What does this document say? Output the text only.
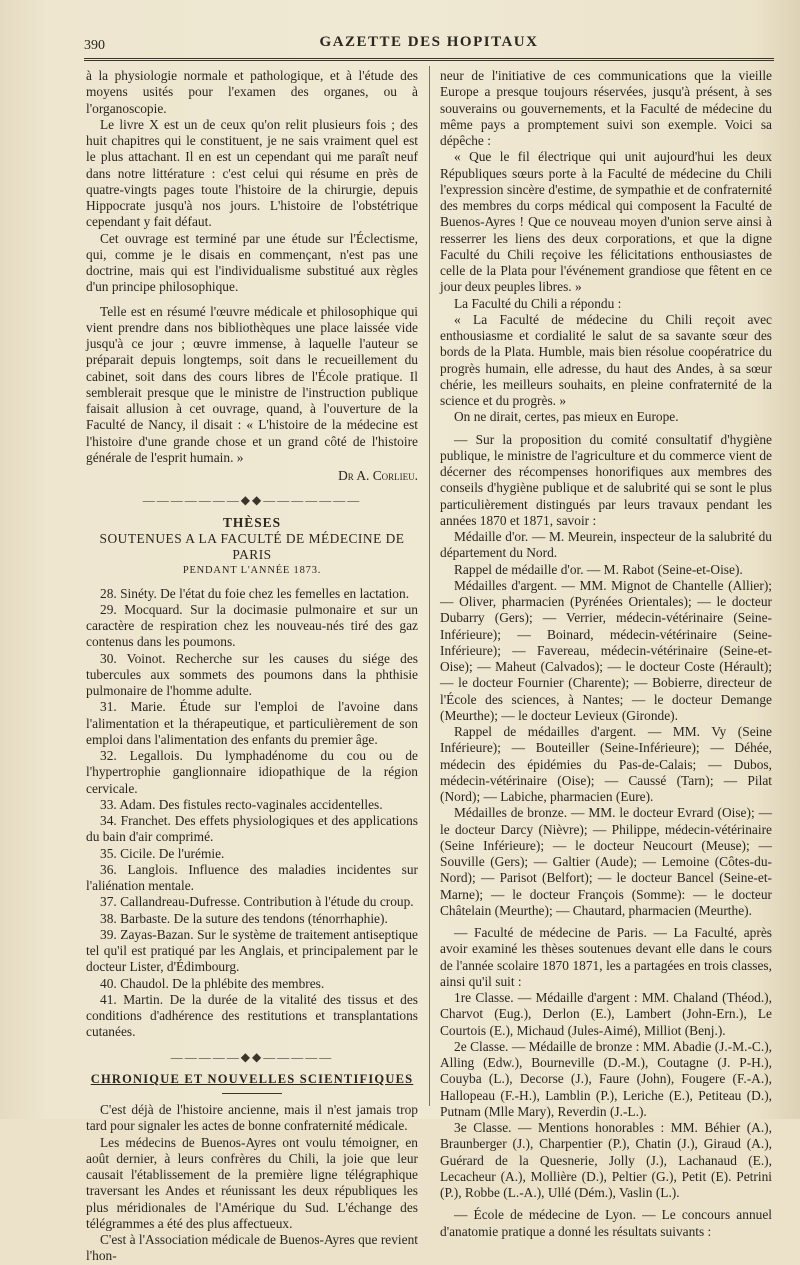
390	GAZETTE DES HOPITAUX

à la physiologie normale et pathologique, et à l'étude des moyens usités pour l'examen des organes, ou à l'organoscopie.

Le livre X est un de ceux qu'on relit plusieurs fois ; des huit chapitres qui le constituent, je ne sais vraiment quel est le plus attachant. Il en est un cependant qui me paraît neuf dans notre littérature : c'est celui qui résume en près de quatre-vingts pages toute l'histoire de la chirurgie, depuis Hippocrate jusqu'à nos jours. L'histoire de l'obstétrique cependant y fait défaut.

Cet ouvrage est terminé par une étude sur l'Éclectisme, qui, comme je le disais en commençant, n'est pas une doctrine, mais qui est l'individualisme substitué aux règles d'un principe philosophique.

Telle est en résumé l'œuvre médicale et philosophique qui vient prendre dans nos bibliothèques une place laissée vide jusqu'à ce jour ; œuvre immense, à laquelle l'auteur se préparait depuis longtemps, soit dans le recueillement du cabinet, soit dans des cours libres de l'École pratique. Il semblerait presque que le ministre de l'instruction publique faisait allusion à cet ouvrage, quand, à l'ouverture de la Faculté de Nancy, il disait : « L'histoire de la médecine est l'histoire d'une grande chose et un grand côté de l'histoire générale de l'esprit humain. »

Dr A. Corlieu.

―――――――◆◆―――――――
THÈSES
SOUTENUES A LA FACULTÉ DE MÉDECINE DE PARIS
PENDANT L'ANNÉE 1873.

28. Sinéty. De l'état du foie chez les femelles en lactation.

29. Mocquard. Sur la docimasie pulmonaire et sur un caractère de respiration chez les nouveau-nés tiré des gaz contenus dans les poumons.

30. Voinot. Recherche sur les causes du siége des tubercules aux sommets des poumons dans la phthisie pulmonaire de l'homme adulte.

31. Marie. Étude sur l'emploi de l'avoine dans l'alimentation et la thérapeutique, et particulièrement de son emploi dans l'alimentation des enfants du premier âge.

32. Legallois. Du lymphadénome du cou ou de l'hypertrophie ganglionnaire idiopathique de la région cervicale.

33. Adam. Des fistules recto-vaginales accidentelles.

34. Franchet. Des effets physiologiques et des applications du bain d'air comprimé.

35. Cicile. De l'urémie.

36. Langlois. Influence des maladies incidentes sur l'aliénation mentale.

37. Callandreau-Dufresse. Contribution à l'étude du croup.

38. Barbaste. De la suture des tendons (ténorrhaphie).

39. Zayas-Bazan. Sur le système de traitement antiseptique tel qu'il est pratiqué par les Anglais, et principalement par le docteur Lister, d'Édimbourg.

40. Chaudol. De la phlébite des membres.

41. Martin. De la durée de la vitalité des tissus et des conditions d'adhérence des restitutions et transplantations cutanées.

―――――◆◆―――――
CHRONIQUE ET NOUVELLES SCIENTIFIQUES

C'est déjà de l'histoire ancienne, mais il n'est jamais trop tard pour signaler les actes de bonne confraternité médicale.

Les médecins de Buenos-Ayres ont voulu témoigner, en août dernier, à leurs confrères du Chili, la joie que leur causait l'établissement de la première ligne télégraphique traversant les Andes et réunissant les deux républiques les plus méridionales de l'Amérique du Sud. L'échange des télégrammes a été des plus affectueux.

C'est à l'Association médicale de Buenos-Ayres que revient l'hon-

neur de l'initiative de ces communications que la vieille Europe a presque toujours réservées, jusqu'à présent, à ses souverains ou gouvernements, et la Faculté de médecine du même pays a promptement suivi son exemple. Voici sa dépêche :

« Que le fil électrique qui unit aujourd'hui les deux Républiques sœurs porte à la Faculté de médecine du Chili l'expression sincère d'estime, de sympathie et de confraternité des membres du corps médical qui composent la Faculté de Buenos-Ayres ! Que ce nouveau moyen d'union serve ainsi à resserrer les liens des deux corporations, et que la digne Faculté du Chili reçoive les félicitations enthousiastes de celle de la Plata pour l'événement grandiose que fêtent en ce jour deux peuples libres. »

La Faculté du Chili a répondu :

« La Faculté de médecine du Chili reçoit avec enthousiasme et cordialité le salut de sa savante sœur des bords de la Plata. Humble, mais bien résolue coopératrice du progrès humain, elle adresse, du haut des Andes, à sa sœur chérie, les meilleurs souhaits, en pleine confraternité de la science et du progrès. »

On ne dirait, certes, pas mieux en Europe.

— Sur la proposition du comité consultatif d'hygiène publique, le ministre de l'agriculture et du commerce vient de décerner des récompenses honorifiques aux membres des conseils d'hygiène publique et de salubrité qui se sont le plus particulièrement distingués par leurs travaux pendant les années 1870 et 1871, savoir :

Médaille d'or. — M. Meurein, inspecteur de la salubrité du département du Nord.

Rappel de médaille d'or. — M. Rabot (Seine-et-Oise).

Médailles d'argent. — MM. Mignot de Chantelle (Allier); — Oliver, pharmacien (Pyrénées Orientales); — le docteur Dubarry (Gers); — Verrier, médecin-vétérinaire (Seine-Inférieure); — Boinard, médecin-vétérinaire (Seine-Inférieure); — Favereau, médecin-vétérinaire (Seine-et-Oise); — Maheut (Calvados); — le docteur Coste (Hérault); — le docteur Fournier (Charente); — Bobierre, directeur de l'École des sciences, à Nantes; — le docteur Demange (Meurthe); — le docteur Levieux (Gironde).

Rappel de médailles d'argent. — MM. Vy (Seine Inférieure); — Bouteiller (Seine-Inférieure); — Déhée, médecin des épidémies du Pas-de-Calais; — Dubos, médecin-vétérinaire (Oise); — Caussé (Tarn); — Pilat (Nord); — Labiche, pharmacien (Eure).

Médailles de bronze. — MM. le docteur Evrard (Oise); — le docteur Darcy (Nièvre); — Philippe, médecin-vétérinaire (Seine Inférieure); — le docteur Neucourt (Meuse); — Souville (Gers); — Galtier (Aude); — Lemoine (Côtes-du-Nord); — Parisot (Belfort); — le docteur Bancel (Seine-et-Marne); — le docteur François (Somme): — le docteur Châtelain (Meurthe); — Chautard, pharmacien (Meurthe).

— Faculté de médecine de Paris. — La Faculté, après avoir examiné les thèses soutenues devant elle dans le cours de l'année scolaire 1870 1871, les a partagées en trois classes, ainsi qu'il suit :

1re Classe. — Médaille d'argent : MM. Chaland (Théod.), Charvot (Eug.), Derlon (E.), Lambert (John-Ern.), Le Courtois (E.), Michaud (Jules-Aimé), Milliot (Benj.).

2e Classe. — Médaille de bronze : MM. Abadie (J.-M.-C.), Alling (Edw.), Bourneville (D.-M.), Coutagne (J. P-H.), Couyba (L.), Decorse (J.), Faure (John), Fougere (F.-A.), Hallopeau (F.-H.), Lamblin (P.), Leriche (E.), Petiteau (D.), Putnam (Mlle Mary), Reverdin (J.-L.).

3e Classe. — Mentions honorables : MM. Béhier (A.), Braunberger (J.), Charpentier (P.), Chatin (J.), Giraud (A.), Guérard de la Quesnerie, Jolly (J.), Lachanaud (E.), Lecacheur (A.), Mollière (D.), Peltier (G.), Petit (E). Petrini (P.), Robbe (L.-A.), Ullé (Dém.), Vaslin (L.).

— École de médecine de Lyon. — Le concours annuel d'anatomie pratique a donné les résultats suivants :
